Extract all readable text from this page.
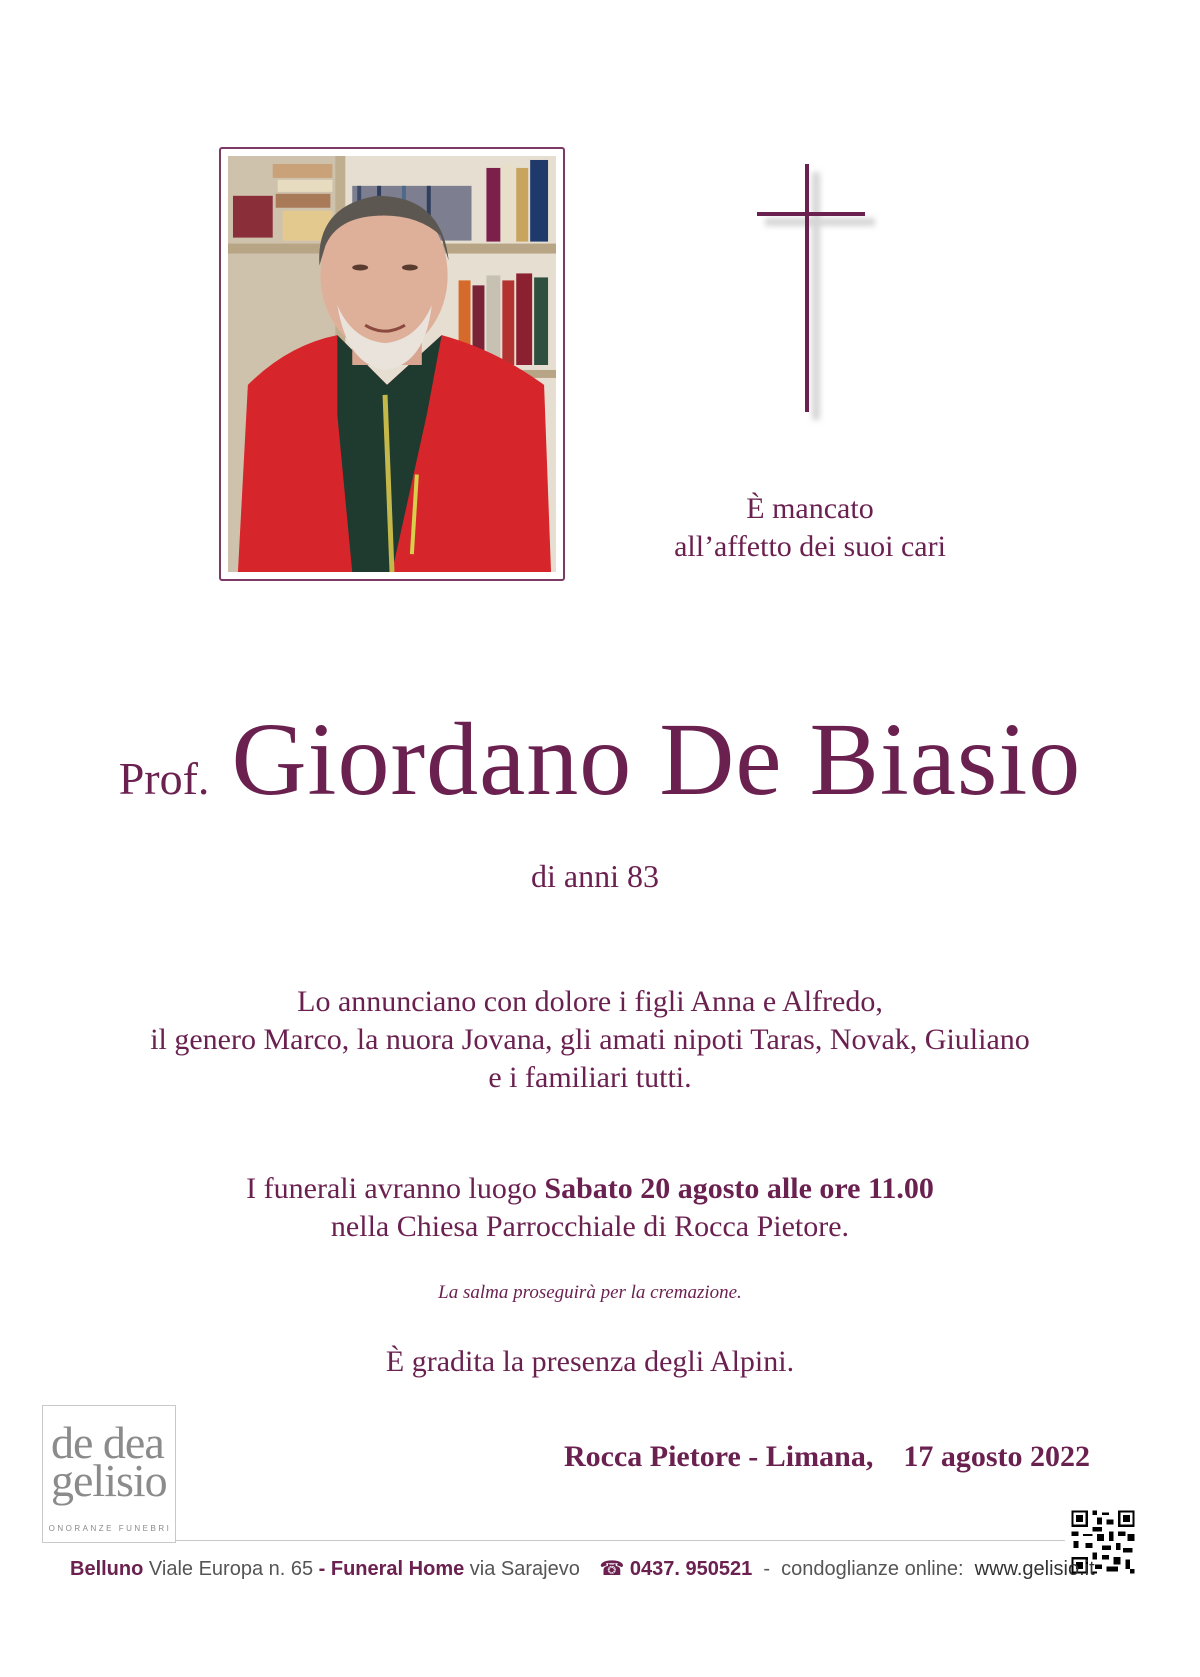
È mancato
all’affetto dei suoi cari
Prof. Giordano De Biasio
di anni 83
Lo annunciano con dolore i figli Anna e Alfredo,
il genero Marco, la nuora Jovana, gli amati nipoti Taras, Novak, Giuliano
e i familiari tutti.
I funerali avranno luogo Sabato 20 agosto alle ore 11.00
nella Chiesa Parrocchiale di Rocca Pietore.
La salma proseguirà per la cremazione.
È gradita la presenza degli Alpini.
de dea
gelisio
ONORANZE FUNEBRI
Rocca Pietore - Limana, 17 agosto 2022
Belluno Viale Europa n. 65 - Funeral Home via Sarajevo ☎ 0437. 950521  -  condoglianze online:  www.gelisio.it
